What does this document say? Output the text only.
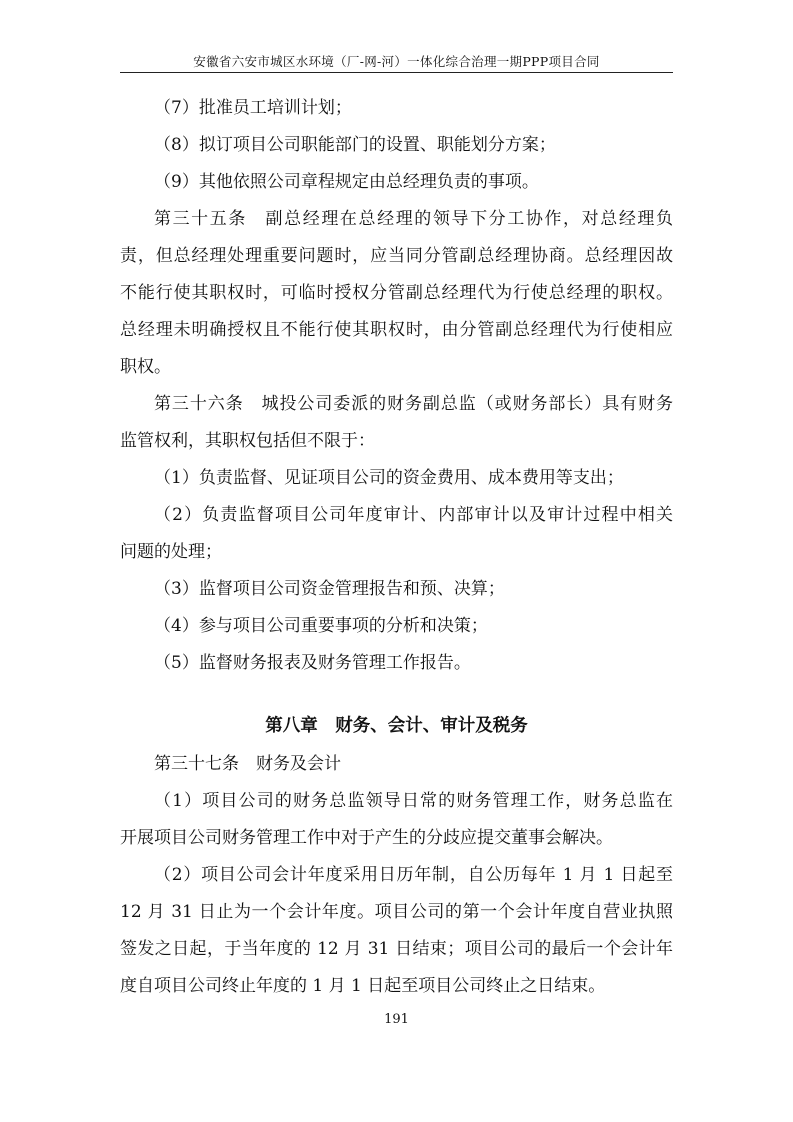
安徽省六安市城区水环境（厂-网-河）一体化综合治理一期PPP项目合同
（7）批准员工培训计划；
（8）拟订项目公司职能部门的设置、职能划分方案；
（9）其他依照公司章程规定由总经理负责的事项。
第三十五条　副总经理在总经理的领导下分工协作，对总经理负
责，但总经理处理重要问题时，应当同分管副总经理协商。总经理因故
不能行使其职权时，可临时授权分管副总经理代为行使总经理的职权。
总经理未明确授权且不能行使其职权时，由分管副总经理代为行使相应
职权。
第三十六条　城投公司委派的财务副总监（或财务部长）具有财务
监管权利，其职权包括但不限于：
（1）负责监督、见证项目公司的资金费用、成本费用等支出；
（2）负责监督项目公司年度审计、内部审计以及审计过程中相关
问题的处理；
（3）监督项目公司资金管理报告和预、决算；
（4）参与项目公司重要事项的分析和决策；
（5）监督财务报表及财务管理工作报告。
第八章　财务、会计、审计及税务
第三十七条　财务及会计
（1）项目公司的财务总监领导日常的财务管理工作，财务总监在
开展项目公司财务管理工作中对于产生的分歧应提交董事会解决。
（2）项目公司会计年度采用日历年制，自公历每年 1 月 1 日起至
12 月 31 日止为一个会计年度。项目公司的第一个会计年度自营业执照
签发之日起，于当年度的 12 月 31 日结束；项目公司的最后一个会计年
度自项目公司终止年度的 1 月 1 日起至项目公司终止之日结束。
191
